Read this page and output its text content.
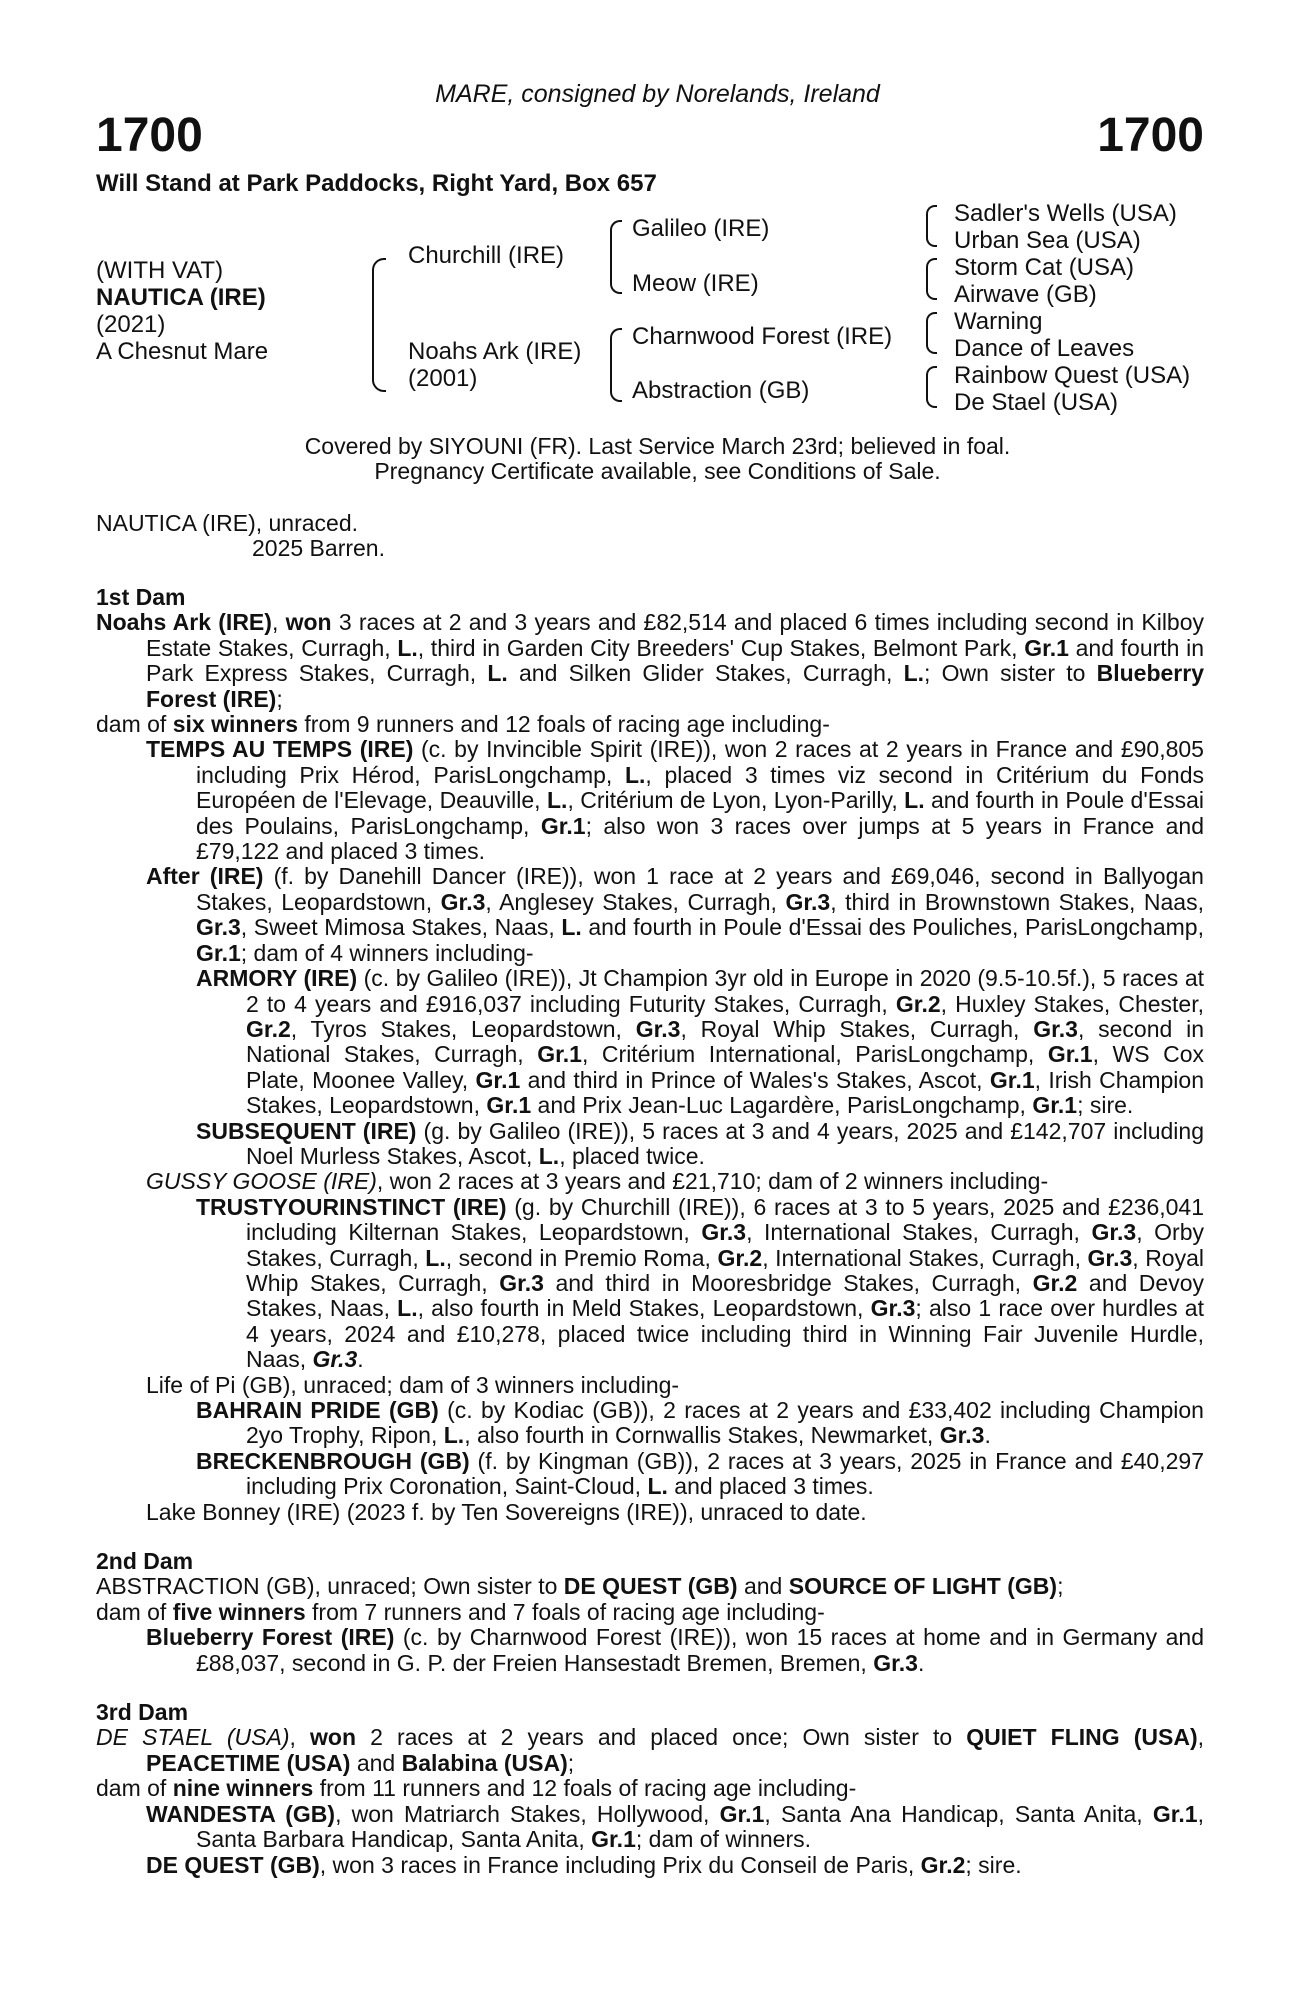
MARE, consigned by Norelands, Ireland
1700	1700
Will Stand at Park Paddocks, Right Yard, Box 657
(WITH VAT)
NAUTICA (IRE)
(2021)
A Chesnut Mare
Churchill (IRE)
Noahs Ark (IRE)
(2001)
Galileo (IRE)
Meow (IRE)
Charnwood Forest (IRE)
Abstraction (GB)
Sadler's Wells (USA)
Urban Sea (USA)
Storm Cat (USA)
Airwave (GB)
Warning
Dance of Leaves
Rainbow Quest (USA)
De Stael (USA)
Covered by SIYOUNI (FR). Last Service March 23rd; believed in foal.
Pregnancy Certificate available, see Conditions of Sale.
NAUTICA (IRE), unraced.
2025 Barren.

1st Dam

Noahs Ark (IRE), won 3 races at 2 and 3 years and £82,514 and placed 6 times including second in Kilboy Estate Stakes, Curragh, L., third in Garden City Breeders' Cup Stakes, Belmont Park, Gr.1 and fourth in Park Express Stakes, Curragh, L. and Silken Glider Stakes, Curragh, L.; Own sister to Blueberry Forest (IRE);

dam of six winners from 9 runners and 12 foals of racing age including-

TEMPS AU TEMPS (IRE) (c. by Invincible Spirit (IRE)), won 2 races at 2 years in France and £90,805 including Prix Hérod, ParisLongchamp, L., placed 3 times viz second in Critérium du Fonds Européen de l'Elevage, Deauville, L., Critérium de Lyon, Lyon-Parilly, L. and fourth in Poule d'Essai des Poulains, ParisLongchamp, Gr.1; also won 3 races over jumps at 5 years in France and £79,122 and placed 3 times.

After (IRE) (f. by Danehill Dancer (IRE)), won 1 race at 2 years and £69,046, second in Ballyogan Stakes, Leopardstown, Gr.3, Anglesey Stakes, Curragh, Gr.3, third in Brownstown Stakes, Naas, Gr.3, Sweet Mimosa Stakes, Naas, L. and fourth in Poule d'Essai des Pouliches, ParisLongchamp, Gr.1; dam of 4 winners including-

ARMORY (IRE) (c. by Galileo (IRE)), Jt Champion 3yr old in Europe in 2020 (9.5-10.5f.), 5 races at 2 to 4 years and £916,037 including Futurity Stakes, Curragh, Gr.2, Huxley Stakes, Chester, Gr.2, Tyros Stakes, Leopardstown, Gr.3, Royal Whip Stakes, Curragh, Gr.3, second in National Stakes, Curragh, Gr.1, Critérium International, ParisLongchamp, Gr.1, WS Cox Plate, Moonee Valley, Gr.1 and third in Prince of Wales's Stakes, Ascot, Gr.1, Irish Champion Stakes, Leopardstown, Gr.1 and Prix Jean-Luc Lagardère, ParisLongchamp, Gr.1; sire.

SUBSEQUENT (IRE) (g. by Galileo (IRE)), 5 races at 3 and 4 years, 2025 and £142,707 including Noel Murless Stakes, Ascot, L., placed twice.

GUSSY GOOSE (IRE), won 2 races at 3 years and £21,710; dam of 2 winners including-

TRUSTYOURINSTINCT (IRE) (g. by Churchill (IRE)), 6 races at 3 to 5 years, 2025 and £236,041 including Kilternan Stakes, Leopardstown, Gr.3, International Stakes, Curragh, Gr.3, Orby Stakes, Curragh, L., second in Premio Roma, Gr.2, International Stakes, Curragh, Gr.3, Royal Whip Stakes, Curragh, Gr.3 and third in Mooresbridge Stakes, Curragh, Gr.2 and Devoy Stakes, Naas, L., also fourth in Meld Stakes, Leopardstown, Gr.3; also 1 race over hurdles at 4 years, 2024 and £10,278, placed twice including third in Winning Fair Juvenile Hurdle, Naas, Gr.3.

Life of Pi (GB), unraced; dam of 3 winners including-

BAHRAIN PRIDE (GB) (c. by Kodiac (GB)), 2 races at 2 years and £33,402 including Champion 2yo Trophy, Ripon, L., also fourth in Cornwallis Stakes, Newmarket, Gr.3.

BRECKENBROUGH (GB) (f. by Kingman (GB)), 2 races at 3 years, 2025 in France and £40,297 including Prix Coronation, Saint-Cloud, L. and placed 3 times.

Lake Bonney (IRE) (2023 f. by Ten Sovereigns (IRE)), unraced to date.

2nd Dam

ABSTRACTION (GB), unraced; Own sister to DE QUEST (GB) and SOURCE OF LIGHT (GB);

dam of five winners from 7 runners and 7 foals of racing age including-

Blueberry Forest (IRE) (c. by Charnwood Forest (IRE)), won 15 races at home and in Germany and £88,037, second in G. P. der Freien Hansestadt Bremen, Bremen, Gr.3.

3rd Dam

DE STAEL (USA), won 2 races at 2 years and placed once; Own sister to QUIET FLING (USA), PEACETIME (USA) and Balabina (USA);

dam of nine winners from 11 runners and 12 foals of racing age including-

WANDESTA (GB), won Matriarch Stakes, Hollywood, Gr.1, Santa Ana Handicap, Santa Anita, Gr.1, Santa Barbara Handicap, Santa Anita, Gr.1; dam of winners.

DE QUEST (GB), won 3 races in France including Prix du Conseil de Paris, Gr.2; sire.
